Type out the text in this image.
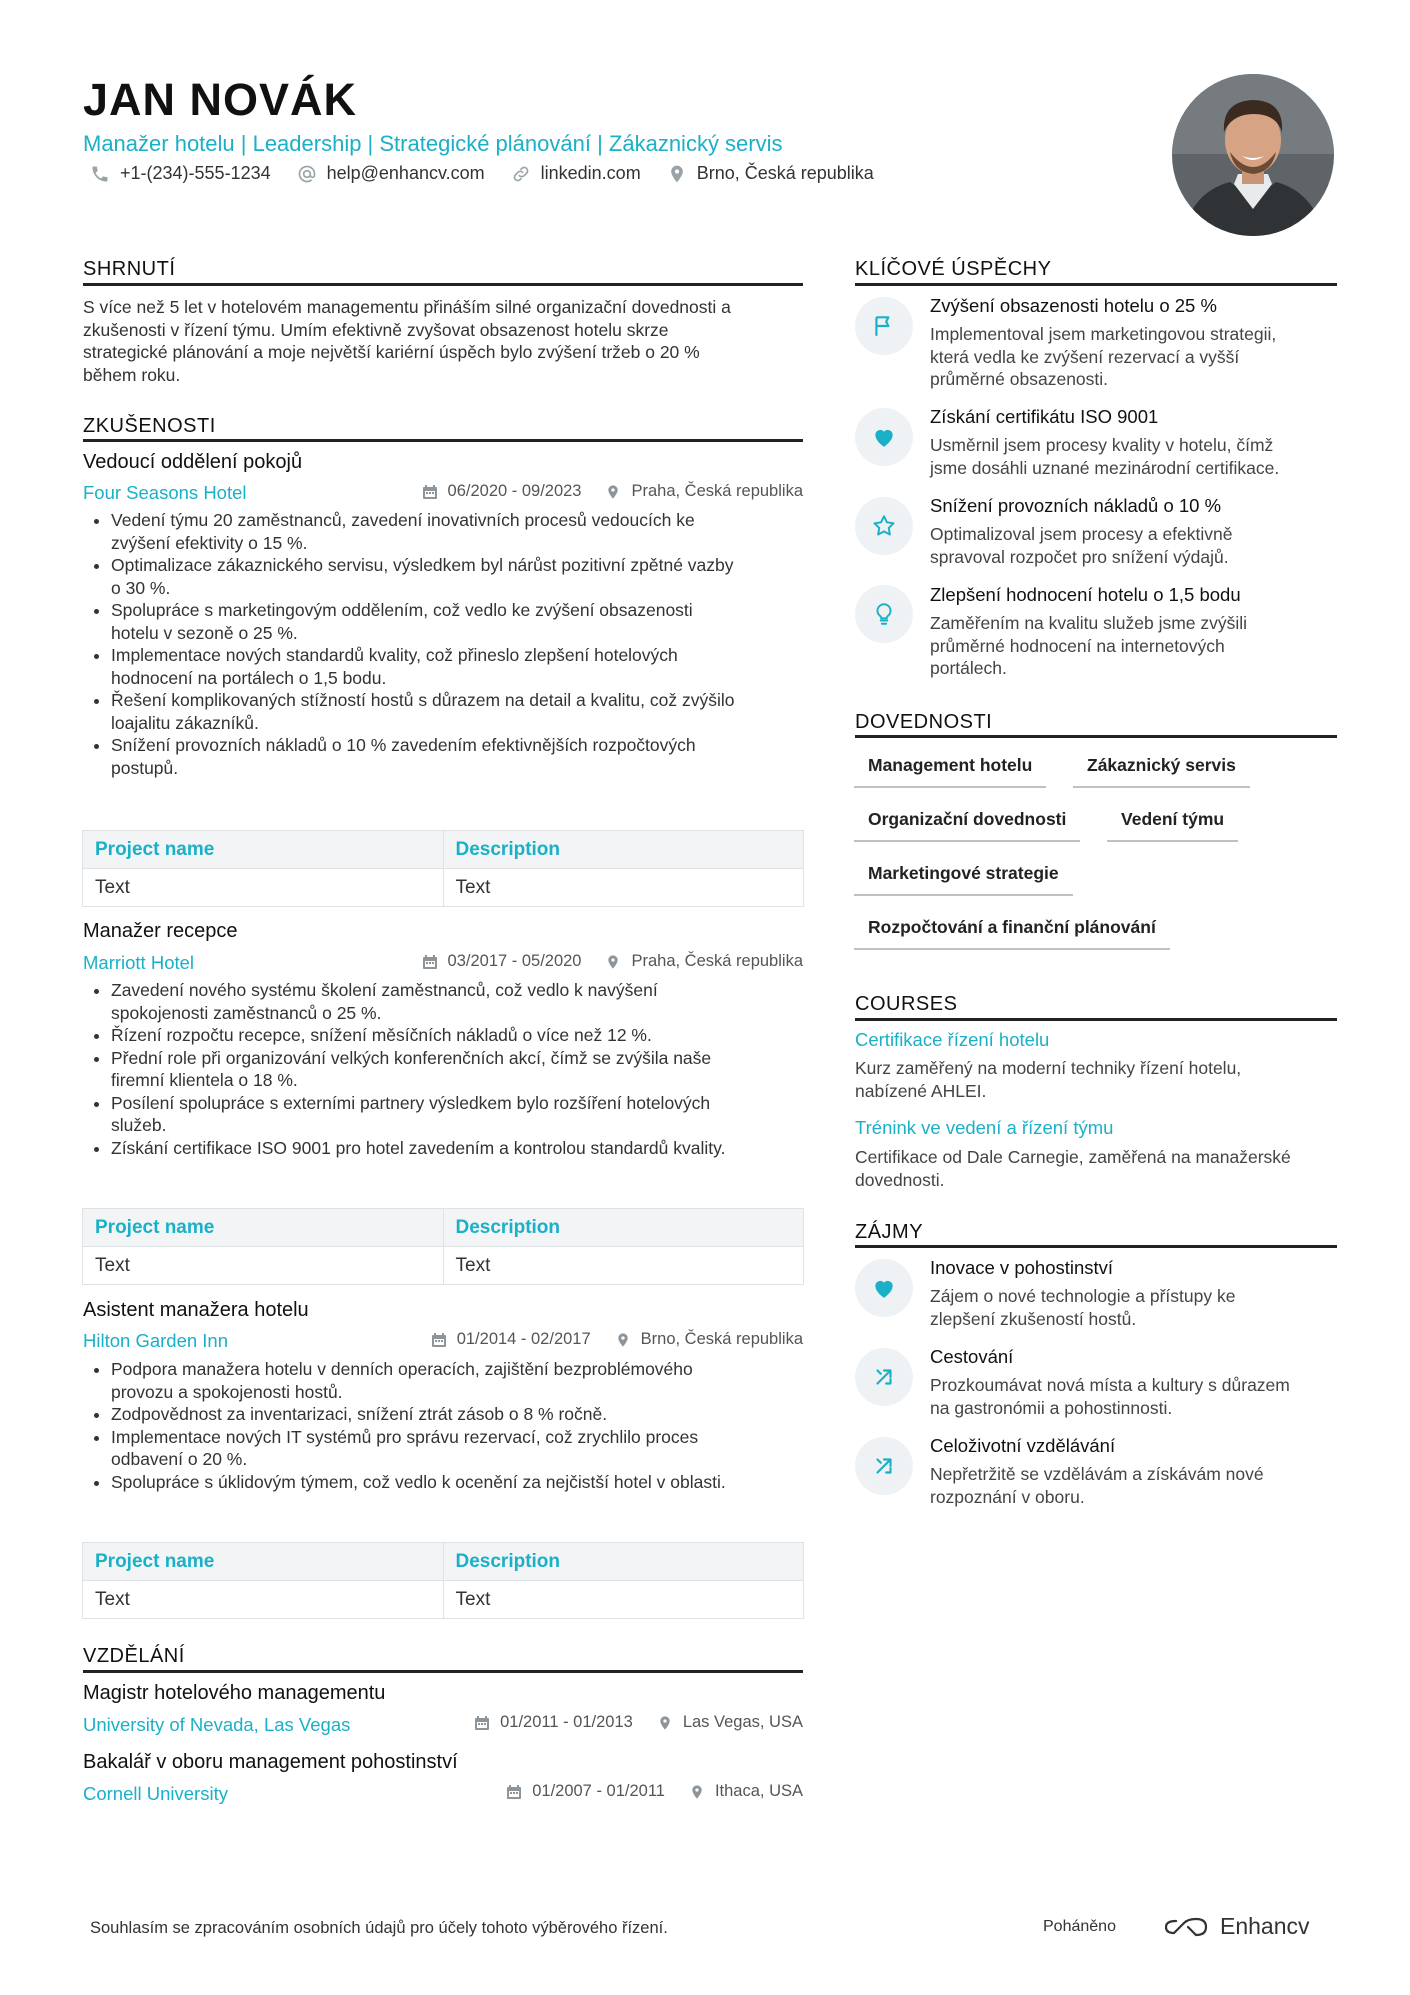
JAN NOVÁK
Manažer hotelu | Leadership | Strategické plánování | Zákaznický servis
+1-(234)-555-1234	help@enhancv.com	linkedin.com	Brno, Česká republika
SHRNUTÍ
S více než 5 let v hotelovém managementu přináším silné organizační dovednosti a
zkušenosti v řízení týmu. Umím efektivně zvyšovat obsazenost hotelu skrze
strategické plánování a moje největší kariérní úspěch bylo zvýšení tržeb o 20 %
během roku.
ZKUŠENOSTI
Vedoucí oddělení pokojů
Four Seasons Hotel	06/2020 - 09/2023	Praha, Česká republika
• Vedení týmu 20 zaměstnanců, zavedení inovativních procesů vedoucích ke
zvýšení efektivity o 15 %.
• Optimalizace zákaznického servisu, výsledkem byl nárůst pozitivní zpětné vazby
o 30 %.
• Spolupráce s marketingovým oddělením, což vedlo ke zvýšení obsazenosti
hotelu v sezoně o 25 %.
• Implementace nových standardů kvality, což přineslo zlepšení hotelových
hodnocení na portálech o 1,5 bodu.
• Řešení komplikovaných stížností hostů s důrazem na detail a kvalitu, což zvýšilo
loajalitu zákazníků.
• Snížení provozních nákladů o 10 % zavedením efektivnějších rozpočtových
postupů.
Project name	Description
Text	Text
Manažer recepce
Marriott Hotel	03/2017 - 05/2020	Praha, Česká republika
• Zavedení nového systému školení zaměstnanců, což vedlo k navýšení
spokojenosti zaměstnanců o 25 %.
• Řízení rozpočtu recepce, snížení měsíčních nákladů o více než 12 %.
• Přední role při organizování velkých konferenčních akcí, čímž se zvýšila naše
firemní klientela o 18 %.
• Posílení spolupráce s externími partnery výsledkem bylo rozšíření hotelových
služeb.
• Získání certifikace ISO 9001 pro hotel zavedením a kontrolou standardů kvality.
Project name	Description
Text	Text
Asistent manažera hotelu
Hilton Garden Inn	01/2014 - 02/2017	Brno, Česká republika
• Podpora manažera hotelu v denních operacích, zajištění bezproblémového
provozu a spokojenosti hostů.
• Zodpovědnost za inventarizaci, snížení ztrát zásob o 8 % ročně.
• Implementace nových IT systémů pro správu rezervací, což zrychlilo proces
odbavení o 20 %.
• Spolupráce s úklidovým týmem, což vedlo k ocenění za nejčistší hotel v oblasti.
Project name	Description
Text	Text
VZDĚLÁNÍ
Magistr hotelového managementu
University of Nevada, Las Vegas	01/2011 - 01/2013	Las Vegas, USA
Bakalář v oboru management pohostinství
Cornell University	01/2007 - 01/2011	Ithaca, USA
KLÍČOVÉ ÚSPĚCHY
Zvýšení obsazenosti hotelu o 25 %
Implementoval jsem marketingovou strategii,
která vedla ke zvýšení rezervací a vyšší
průměrné obsazenosti.
Získání certifikátu ISO 9001
Usměrnil jsem procesy kvality v hotelu, čímž
jsme dosáhli uznané mezinárodní certifikace.
Snížení provozních nákladů o 10 %
Optimalizoval jsem procesy a efektivně
spravoval rozpočet pro snížení výdajů.
Zlepšení hodnocení hotelu o 1,5 bodu
Zaměřením na kvalitu služeb jsme zvýšili
průměrné hodnocení na internetových
portálech.
DOVEDNOSTI
Management hotelu	Zákaznický servis
Organizační dovednosti	Vedení týmu
Marketingové strategie
Rozpočtování a finanční plánování
COURSES
Certifikace řízení hotelu
Kurz zaměřený na moderní techniky řízení hotelu,
nabízené AHLEI.
Trénink ve vedení a řízení týmu
Certifikace od Dale Carnegie, zaměřená na manažerské
dovednosti.
ZÁJMY
Inovace v pohostinství
Zájem o nové technologie a přístupy ke
zlepšení zkušeností hostů.
Cestování
Prozkoumávat nová místa a kultury s důrazem
na gastronómii a pohostinnosti.
Celoživotní vzdělávání
Nepřetržitě se vzdělávám a získávám nové
rozpoznání v oboru.
Souhlasím se zpracováním osobních údajů pro účely tohoto výběrového řízení.	Poháněno	Enhancv
